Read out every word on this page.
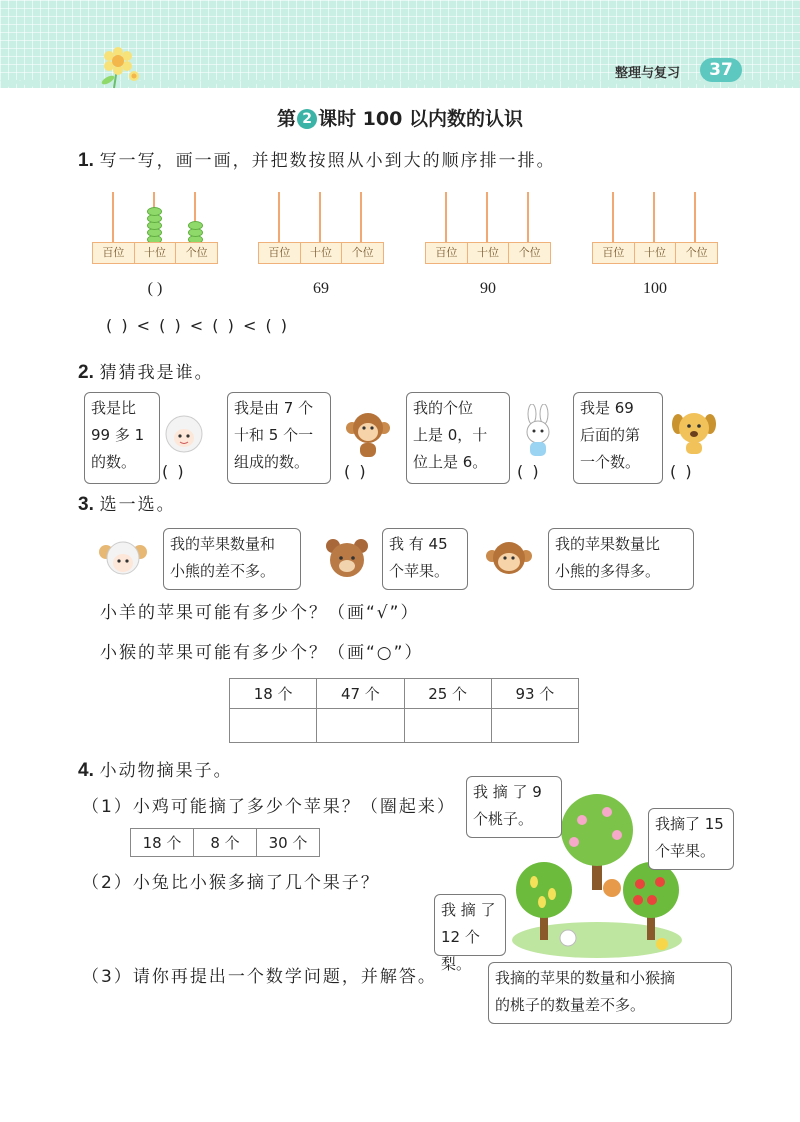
整理与复习	37
第 2 课时 100 以内数的认识
1. 写一写，画一画，并把数按照从小到大的顺序排一排。
百位	十位	个位	百位	十位	个位	百位	十位	个位	百位	十位	个位
( )	69	90	100
( ) < ( ) < ( ) < ( )
2. 猜猜我是谁。
我是比
99 多 1
的数。	( )
我是由 7 个
十和 5 个一
组成的数。	( )
我的个位
上是 0，十
位上是 6。	( )
我是 69
后面的第
一个数。	( )
3. 选一选。
我的苹果数量和
小熊的差不多。
我 有 45
个苹果。
我的苹果数量比
小熊的多得多。
小羊的苹果可能有多少个？（画“√”）
小猴的苹果可能有多少个？（画“○”）
18 个	47 个	25 个	93 个

4. 小动物摘果子。
（1）小鸡可能摘了多少个苹果？（圈起来）
18 个	8 个	30 个
（2）小兔比小猴多摘了几个果子？
（3）请你再提出一个数学问题，并解答。
我 摘 了 9
个桃子。	我摘了 15
个苹果。
我 摘 了
12 个梨。
我摘的苹果的数量和小猴摘
的桃子的数量差不多。
